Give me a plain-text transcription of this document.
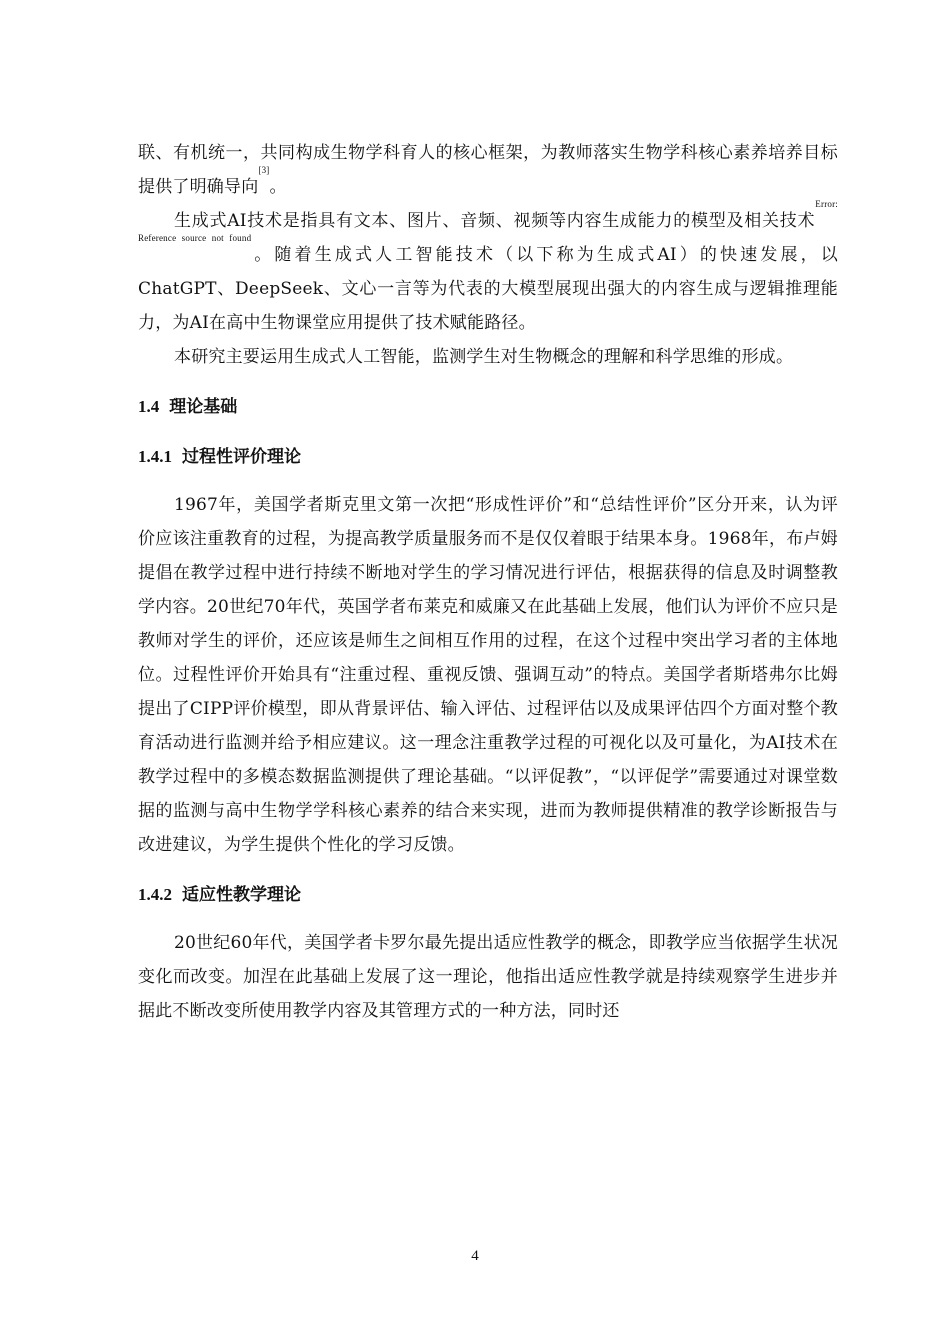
联、有机统一，共同构成生物学科育人的核心框架，为教师落实生物学科核心素养培养目标提供了明确导向[3]。

生成式AI技术是指具有文本、图片、音频、视频等内容生成能力的模型及相关技术$^{Error: Reference source not found}$。随着生成式人工智能技术（以下称为生成式AI）的快速发展，以ChatGPT、DeepSeek、文心一言等为代表的大模型展现出强大的内容生成与逻辑推理能力，为AI在高中生物课堂应用提供了技术赋能路径。

本研究主要运用生成式人工智能，监测学生对生物概念的理解和科学思维的形成。

1.4 理论基础
1.4.1 过程性评价理论

1967年，美国学者斯克里文第一次把“形成性评价”和“总结性评价”区分开来，认为评价应该注重教育的过程，为提高教学质量服务而不是仅仅着眼于结果本身。1968年，布卢姆提倡在教学过程中进行持续不断地对学生的学习情况进行评估，根据获得的信息及时调整教学内容。20世纪70年代，英国学者布莱克和威廉又在此基础上发展，他们认为评价不应只是教师对学生的评价，还应该是师生之间相互作用的过程，在这个过程中突出学习者的主体地位。过程性评价开始具有“注重过程、重视反馈、强调互动”的特点。美国学者斯塔弗尔比姆提出了CIPP评价模型，即从背景评估、输入评估、过程评估以及成果评估四个方面对整个教育活动进行监测并给予相应建议。这一理念注重教学过程的可视化以及可量化，为AI技术在教学过程中的多模态数据监测提供了理论基础。“以评促教”，“以评促学”需要通过对课堂数据的监测与高中生物学学科核心素养的结合来实现，进而为教师提供精准的教学诊断报告与改进建议，为学生提供个性化的学习反馈。

1.4.2 适应性教学理论

20世纪60年代，美国学者卡罗尔最先提出适应性教学的概念，即教学应当依据学生状况变化而改变。加涅在此基础上发展了这一理论，他指出适应性教学就是持续观察学生进步并据此不断改变所使用教学内容及其管理方式的一种方法，同时还

4
